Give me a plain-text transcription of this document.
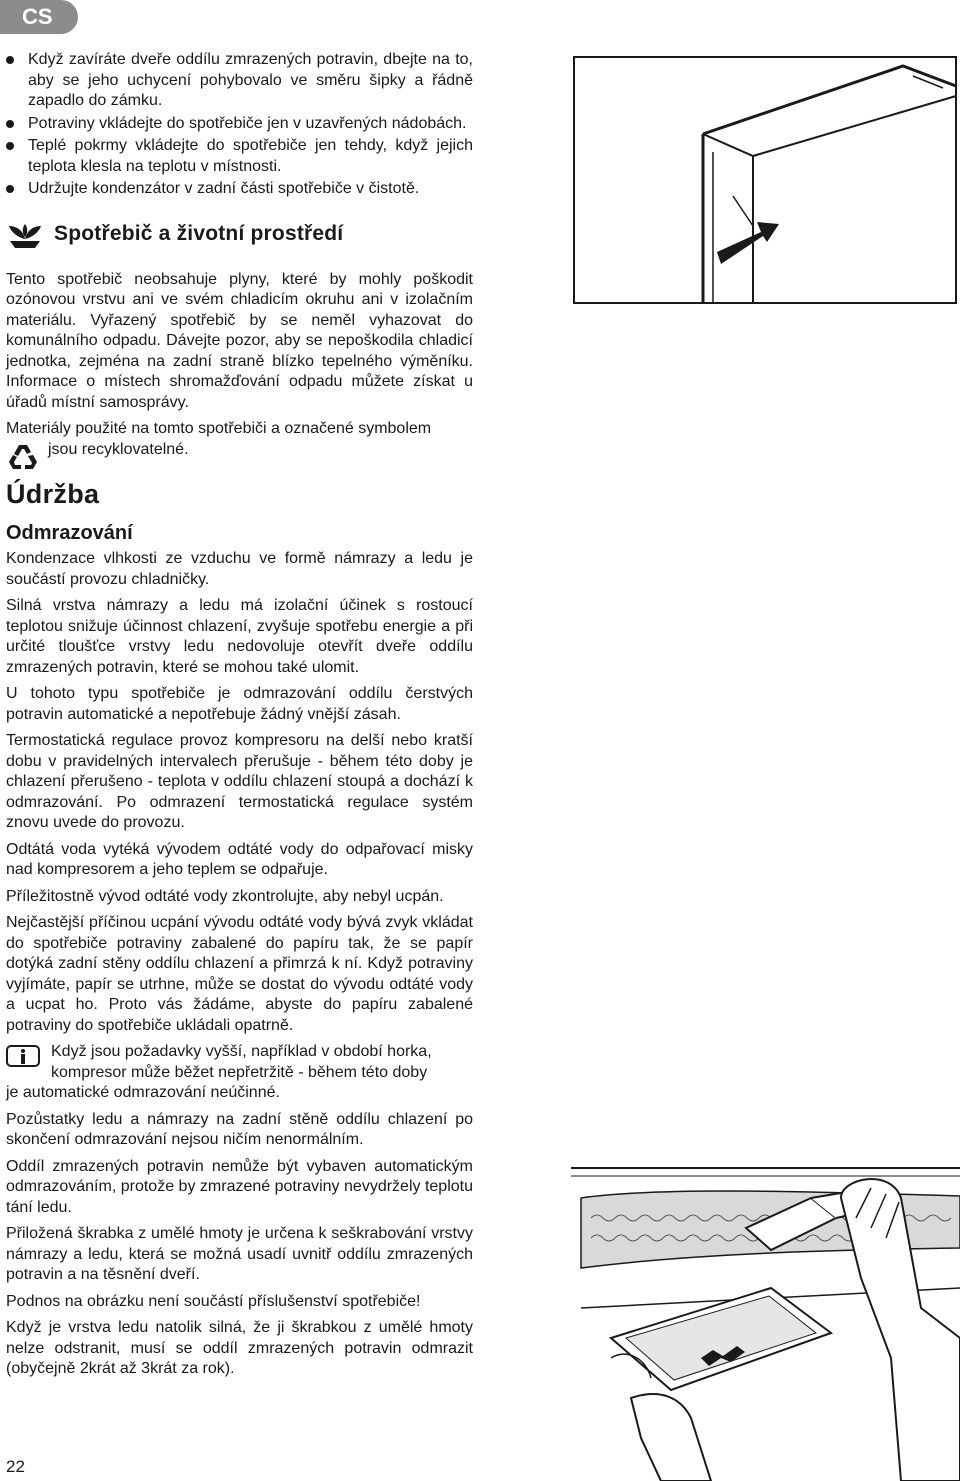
CS
Když zavíráte dveře oddílu zmrazených potravin, dbejte na to, aby se jeho uchycení pohybovalo ve směru šipky a řádně zapadlo do zámku.
Potraviny vkládejte do spotřebiče jen v uzavřených nádobách.
Teplé pokrmy vkládejte do spotřebiče jen tehdy, když jejich teplota klesla na teplotu v místnosti.
Udržujte kondenzátor v zadní části spotřebiče v čistotě.
Spotřebič a životní prostředí

Tento spotřebič neobsahuje plyny, které by mohly poškodit ozónovou vrstvu ani ve svém chladicím okruhu ani v izolačním materiálu. Vyřazený spotřebič by se neměl vyhazovat do komunálního odpadu. Dávejte pozor, aby se nepoškodila chladicí jednotka, zejména na zadní straně blízko tepelného výměníku. Informace o místech shromažďování odpadu můžete získat u úřadů místní samosprávy.

Materiály použité na tomto spotřebiči a označené symbolem
jsou recyklovatelné.
Údržba
Odmrazování

Kondenzace vlhkosti ze vzduchu ve formě námrazy a ledu je součástí provozu chladničky.

Silná vrstva námrazy a ledu má izolační účinek s rostoucí teplotou snižuje účinnost chlazení, zvyšuje spotřebu energie a při určité tloušťce vrstvy ledu nedovoluje otevřít dveře oddílu zmrazených potravin, které se mohou také ulomit.

U tohoto typu spotřebiče je odmrazování oddílu čerstvých potravin automatické a nepotřebuje žádný vnější zásah.

Termostatická regulace provoz kompresoru na delší nebo kratší dobu v pravidelných intervalech přerušuje - během této doby je chlazení přerušeno - teplota v oddílu chlazení stoupá a dochází k odmrazování. Po odmrazení termostatická regulace systém znovu uvede do provozu.

Odtátá voda vytéká vývodem odtáté vody do odpařovací misky nad kompresorem a jeho teplem se odpařuje.

Příležitostně vývod odtáté vody zkontrolujte, aby nebyl ucpán.

Nejčastější příčinou ucpání vývodu odtáté vody bývá zvyk vkládat do spotřebiče potraviny zabalené do papíru tak, že se papír dotýká zadní stěny oddílu chlazení a přimrzá k ní. Když potraviny vyjímáte, papír se utrhne, může se dostat do vývodu odtáté vody a ucpat ho. Proto vás žádáme, abyste do papíru zabalené potraviny do spotřebiče ukládali opatrně.

Když jsou požadavky vyšší, například v období horka,
kompresor může běžet nepřetržitě - během této doby
je automatické odmrazování neúčinné.

Pozůstatky ledu a námrazy na zadní stěně oddílu chlazení po skončení odmrazování nejsou ničím nenormálním.

Oddíl zmrazených potravin nemůže být vybaven automatickým odmrazováním, protože by zmrazené potraviny nevydržely teplotu tání ledu.

Přiložená škrabka z umělé hmoty je určena k seškrabování vrstvy námrazy a ledu, která se možná usadí uvnitř oddílu zmrazených potravin a na těsnění dveří.

Podnos na obrázku není součástí příslušenství spotřebiče!

Když je vrstva ledu natolik silná, že ji škrabkou z umělé hmoty nelze odstranit, musí se oddíl zmrazených potravin odmrazit (obyčejně 2krát až 3krát za rok).

22
